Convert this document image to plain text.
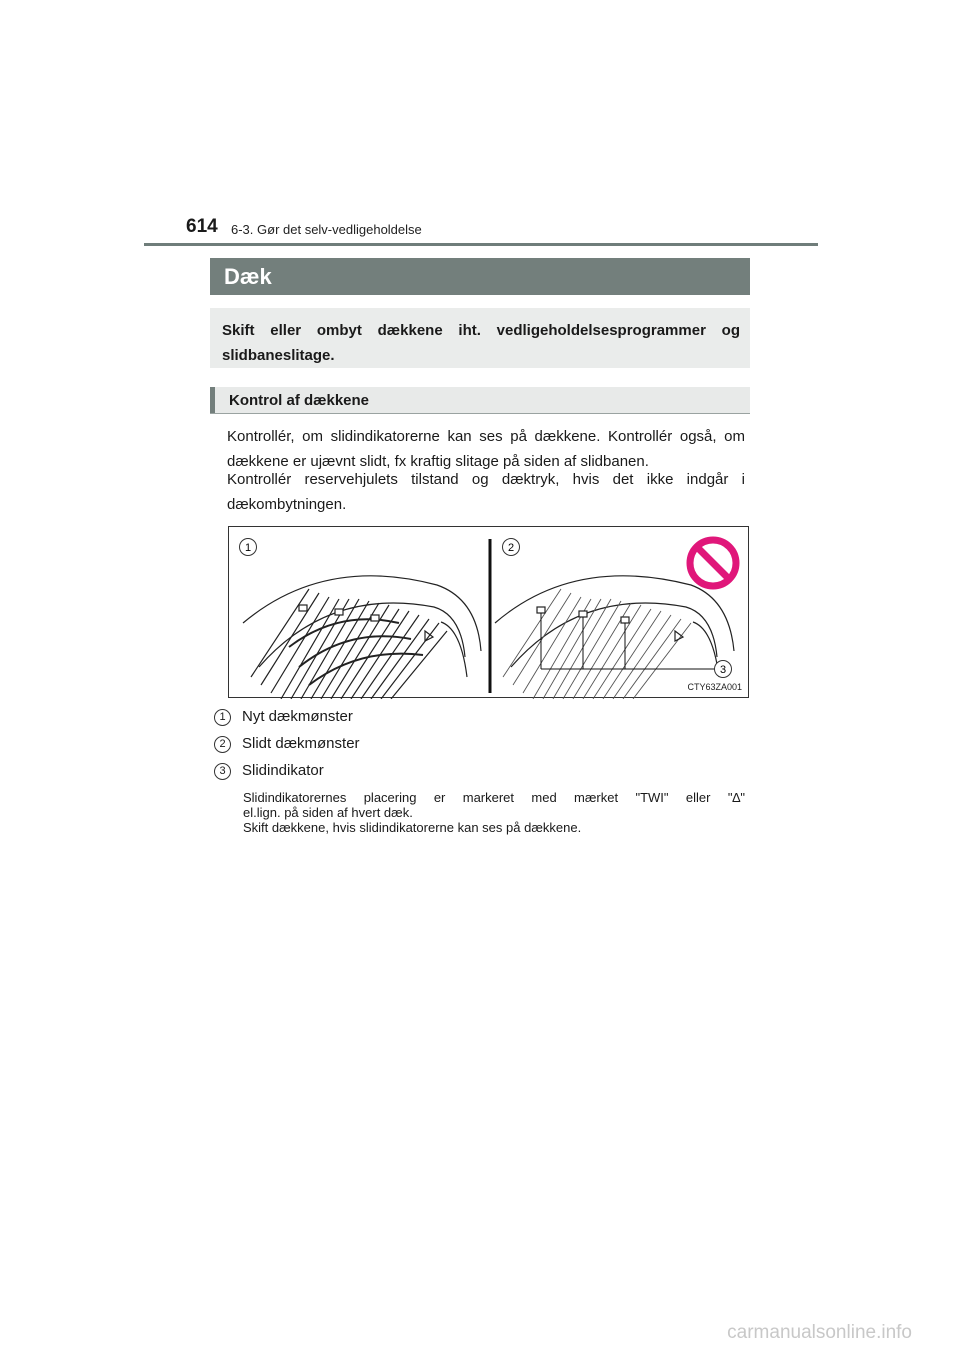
614 6-3. Gør det selv-vedligeholdelse
Dæk
Skift eller ombyt dækkene iht. vedligeholdelsesprogrammer og slidbaneslitage.
Kontrol af dækkene

Kontrollér, om slidindikatorerne kan ses på dækkene. Kontrollér også, om dækkene er ujævnt slidt, fx kraftig slitage på siden af slidbanen.

Kontrollér reservehjulets tilstand og dæktryk, hvis det ikke indgår i dækombytningen.

1	2
3
CTY63ZA001
1	Nyt dækmønster
2	Slidt dækmønster
3	Slidindikator

Slidindikatorernes placering er markeret med mærket "TWI" eller "∆"

el.lign. på siden af hvert dæk.

Skift dækkene, hvis slidindikatorerne kan ses på dækkene.

carmanualsonline.info
